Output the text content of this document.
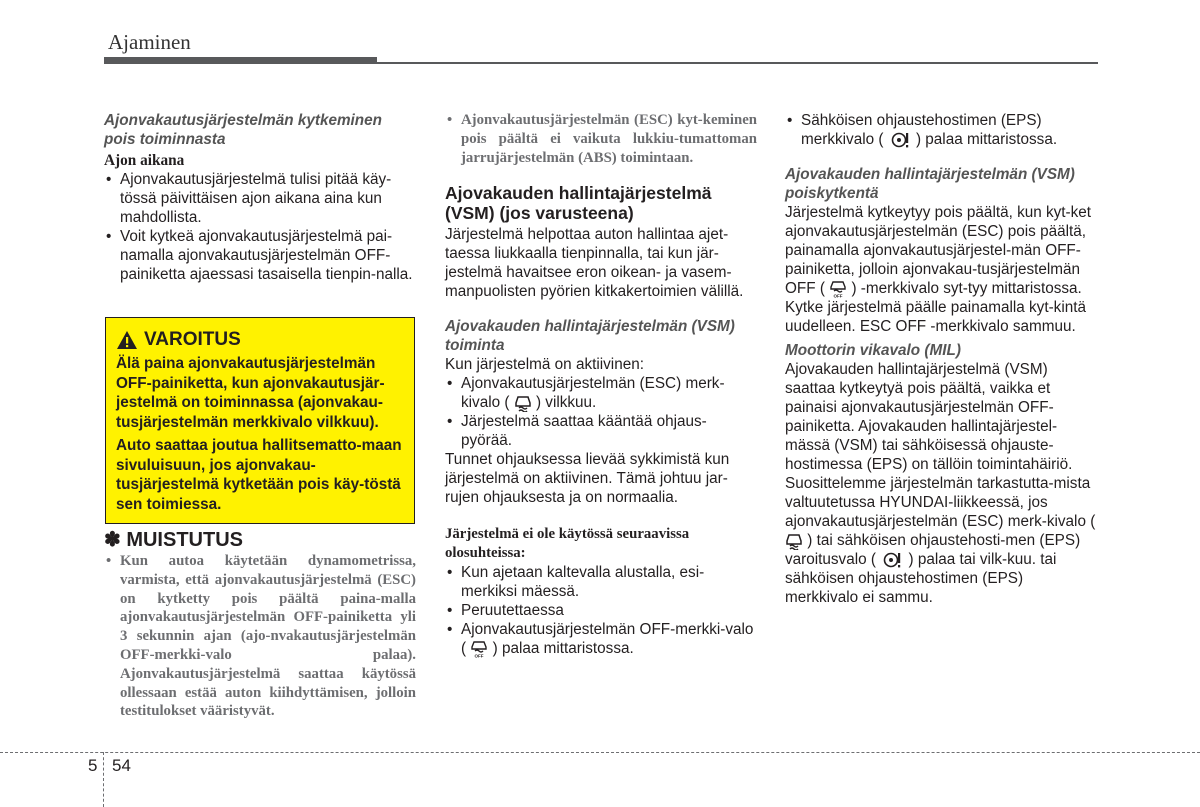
Ajaminen

Ajonvakautusjärjestelmän kytkeminen pois toiminnasta

Ajon aikana

• Ajonvakautusjärjestelmä tulisi pitää käy-tössä päivittäisen ajon aikana aina kun mahdollista.
• Voit kytkeä ajonvakautusjärjestelmä pai-namalla ajonvakautusjärjestelmän OFF-painiketta ajaessasi tasaisella tienpin-nalla.
VAROITUS

Älä paina ajonvakautusjärjestelmän OFF-painiketta, kun ajonvakautusjär-jestelmä on toiminnassa (ajonvakau-tusjärjestelmän merkkivalo vilkkuu).

Auto saattaa joutua hallitsematto-maan sivuluisuun, jos ajonvakau-tusjärjestelmä kytketään pois käy-töstä sen toimiessa.

✽ MUISTUTUS
• Kun autoa käytetään dynamometrissa, varmista, että ajonvakautusjärjestelmä (ESC) on kytketty pois päältä paina-malla ajonvakautusjärjestelmän OFF-painiketta yli 3 sekunnin ajan (ajo-nvakautusjärjestelmän OFF-merkki-valo palaa). Ajonvakautusjärjestelmä saattaa käytössä ollessaan estää auton kiihdyttämisen, jolloin testitulokset vääristyvät.
• Ajonvakautusjärjestelmän (ESC) kyt-keminen pois päältä ei vaikuta lukkiu-tumattoman jarrujärjestelmän (ABS) toimintaan.

Ajovakauden hallintajärjestelmä (VSM) (jos varusteena)

Järjestelmä helpottaa auton hallintaa ajet-taessa liukkaalla tienpinnalla, tai kun jär-jestelmä havaitsee eron oikean- ja vasem-manpuolisten pyörien kitkakertoimien välillä.

Ajovakauden hallintajärjestelmän (VSM) toiminta

Kun järjestelmä on aktiivinen:

• Ajonvakautusjärjestelmän (ESC) merk-kivalo ( ) vilkkuu.
• Järjestelmä saattaa kääntää ohjaus-pyörää.

Tunnet ohjauksessa lievää sykkimistä kun järjestelmä on aktiivinen. Tämä johtuu jar-rujen ohjauksesta ja on normaalia.

Järjestelmä ei ole käytössä seuraavissa olosuhteissa:

• Kun ajetaan kaltevalla alustalla, esi-merkiksi mäessä.
• Peruutettaessa
• Ajonvakautusjärjestelmän OFF-merkki-valo ( OFF ) palaa mittaristossa.
• Sähköisen ohjaustehostimen (EPS) merkkivalo ( ) palaa mittaristossa.

Ajovakauden hallintajärjestelmän (VSM) poiskytkentä

Järjestelmä kytkeytyy pois päältä, kun kyt-ket ajonvakautusjärjestelmän (ESC) pois päältä, painamalla ajonvakautusjärjestel-män OFF-painiketta, jolloin ajonvakau-tusjärjestelmän OFF ( OFF ) -merkkivalo syt-tyy mittaristossa.

Kytke järjestelmä päälle painamalla kyt-kintä uudelleen. ESC OFF -merkkivalo sammuu.

Moottorin vikavalo (MIL)

Ajovakauden hallintajärjestelmä (VSM) saattaa kytkeytyä pois päältä, vaikka et painaisi ajonvakautusjärjestelmän OFF-painiketta. Ajovakauden hallintajärjestel-mässä (VSM) tai sähköisessä ohjauste-hostimessa (EPS) on tällöin toimintahäiriö. Suosittelemme järjestelmän tarkastutta-mista valtuutetussa HYUNDAI-liikkeessä, jos ajonvakautusjärjestelmän (ESC) merk-kivalo (  ) tai sähköisen ohjaustehosti-men (EPS) varoitusvalo ( ) palaa tai vilk-kuu. tai sähköisen ohjaustehostimen (EPS) merkkivalo ei sammu.

5 54
